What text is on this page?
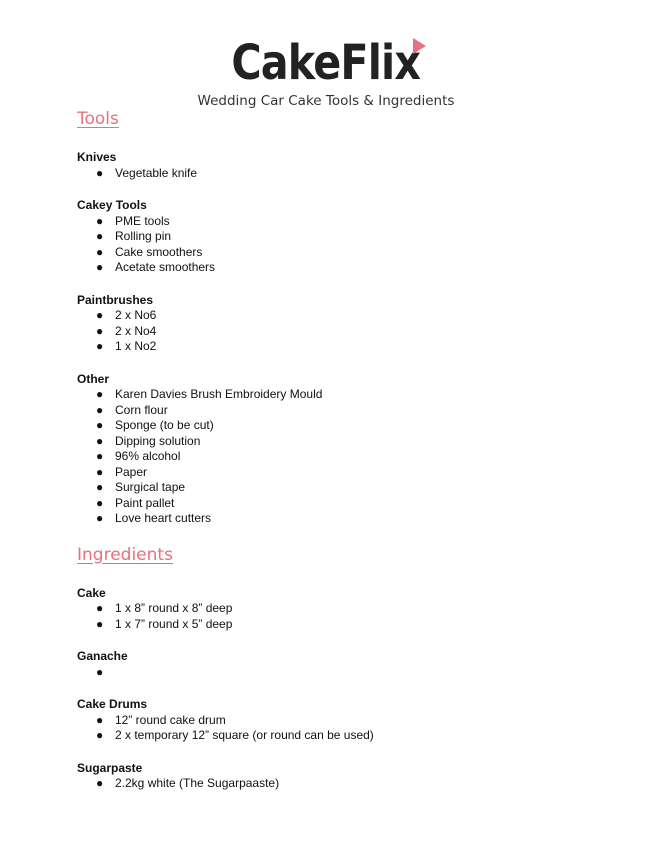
CakeFlix
Wedding Car Cake Tools & Ingredients
Tools
Knives
● Vegetable knife
Cakey Tools
● PME tools
● Rolling pin
● Cake smoothers
● Acetate smoothers
Paintbrushes
● 2 x No6
● 2 x No4
● 1 x No2
Other
● Karen Davies Brush Embroidery Mould
● Corn flour
● Sponge (to be cut)
● Dipping solution
● 96% alcohol
● Paper
● Surgical tape
● Paint pallet
● Love heart cutters
Ingredients
Cake
● 1 x 8” round x 8” deep
● 1 x 7” round x 5” deep
Ganache
●

Cake Drums
● 12” round cake drum
● 2 x temporary 12” square (or round can be used)
Sugarpaste
● 2.2kg white (The Sugarpaaste)
